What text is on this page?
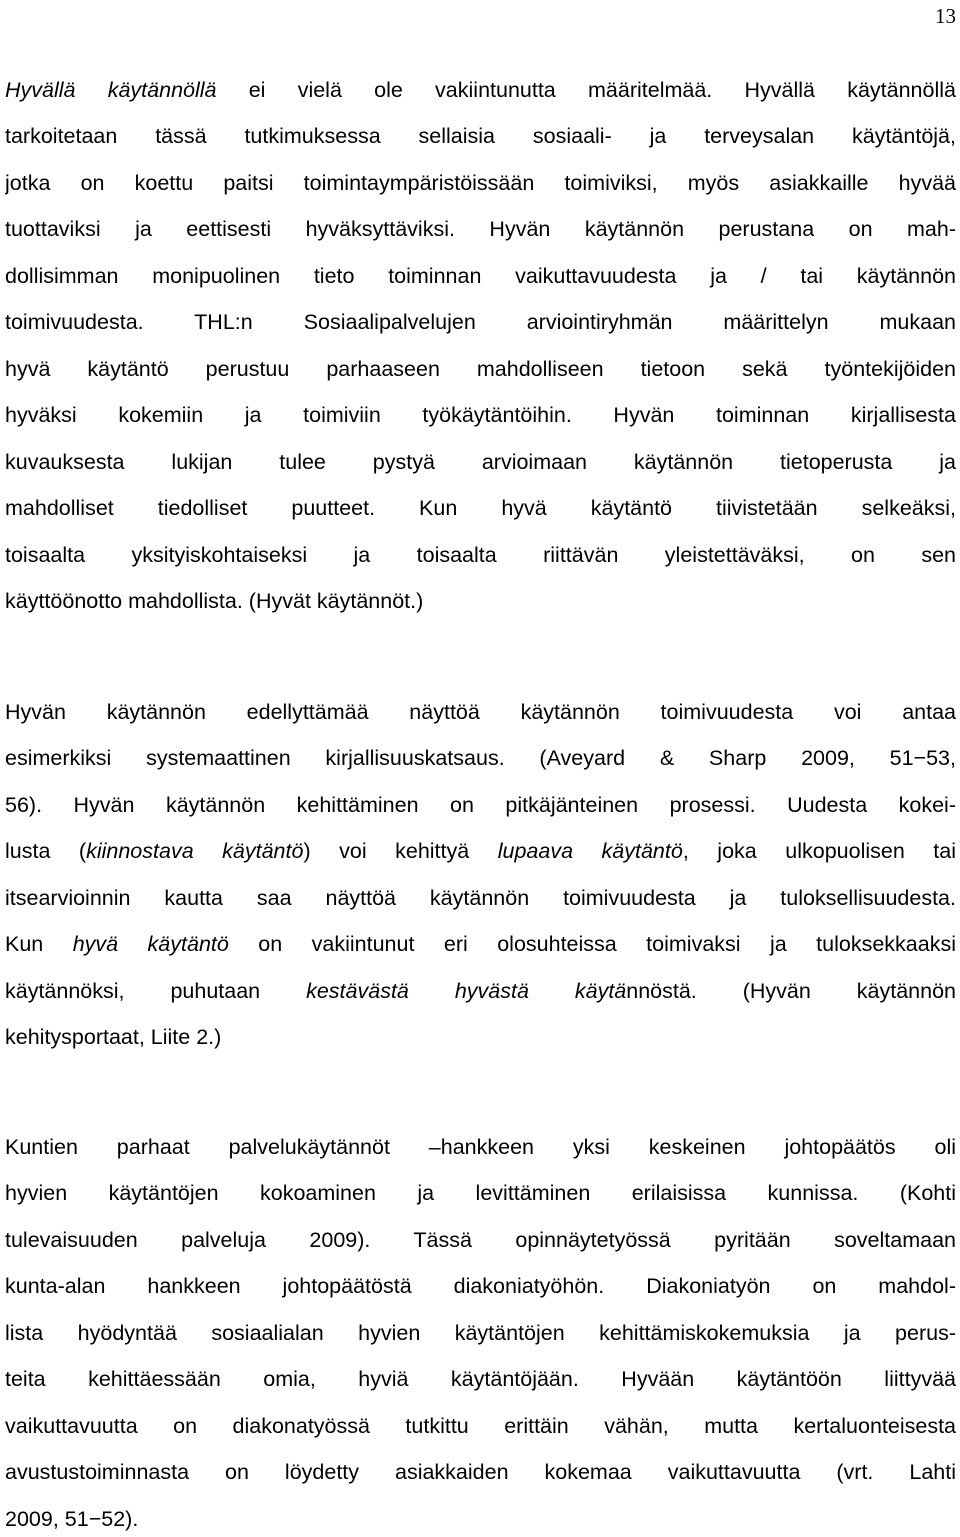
13
Hyvällä käytännöllä ei vielä ole vakiintunutta määritelmää. Hyvällä käytännöllä
tarkoitetaan tässä tutkimuksessa sellaisia sosiaali- ja terveysalan käytäntöjä,
jotka on koettu paitsi toimintaympäristöissään toimiviksi, myös asiakkaille hyvää
tuottaviksi ja eettisesti hyväksyttäviksi. Hyvän käytännön perustana on mah-
dollisimman monipuolinen tieto toiminnan vaikuttavuudesta ja / tai käytännön
toimivuudesta. THL:n Sosiaalipalvelujen arviointiryhmän määrittelyn mukaan
hyvä käytäntö perustuu parhaaseen mahdolliseen tietoon sekä työntekijöiden
hyväksi kokemiin ja toimiviin työkäytäntöihin. Hyvän toiminnan kirjallisesta
kuvauksesta lukijan tulee pystyä arvioimaan käytännön tietoperusta ja
mahdolliset tiedolliset puutteet. Kun hyvä käytäntö tiivistetään selkeäksi,
toisaalta yksityiskohtaiseksi ja toisaalta riittävän yleistettäväksi, on sen
käyttöönotto mahdollista. (Hyvät käytännöt.)
Hyvän käytännön edellyttämää näyttöä käytännön toimivuudesta voi antaa
esimerkiksi systemaattinen kirjallisuuskatsaus. (Aveyard & Sharp 2009, 51−53,
56). Hyvän käytännön kehittäminen on pitkäjänteinen prosessi. Uudesta kokei-
lusta (kiinnostava käytäntö) voi kehittyä lupaava käytäntö, joka ulkopuolisen tai
itsearvioinnin kautta saa näyttöä käytännön toimivuudesta ja tuloksellisuudesta.
Kun hyvä käytäntö on vakiintunut eri olosuhteissa toimivaksi ja tuloksekkaaksi
käytännöksi, puhutaan kestävästä hyvästä käytännöstä. (Hyvän käytännön
kehitysportaat, Liite 2.)
Kuntien parhaat palvelukäytännöt –hankkeen yksi keskeinen johtopäätös oli
hyvien käytäntöjen kokoaminen ja levittäminen erilaisissa kunnissa. (Kohti
tulevaisuuden palveluja 2009). Tässä opinnäytetyössä pyritään soveltamaan
kunta-alan hankkeen johtopäätöstä diakoniatyöhön. Diakoniatyön on mahdol-
lista hyödyntää sosiaalialan hyvien käytäntöjen kehittämiskokemuksia ja perus-
teita kehittäessään omia, hyviä käytäntöjään. Hyvään käytäntöön liittyvää
vaikuttavuutta on diakonatyössä tutkittu erittäin vähän, mutta kertaluonteisesta
avustustoiminnasta on löydetty asiakkaiden kokemaa vaikuttavuutta (vrt. Lahti
2009, 51−52).
